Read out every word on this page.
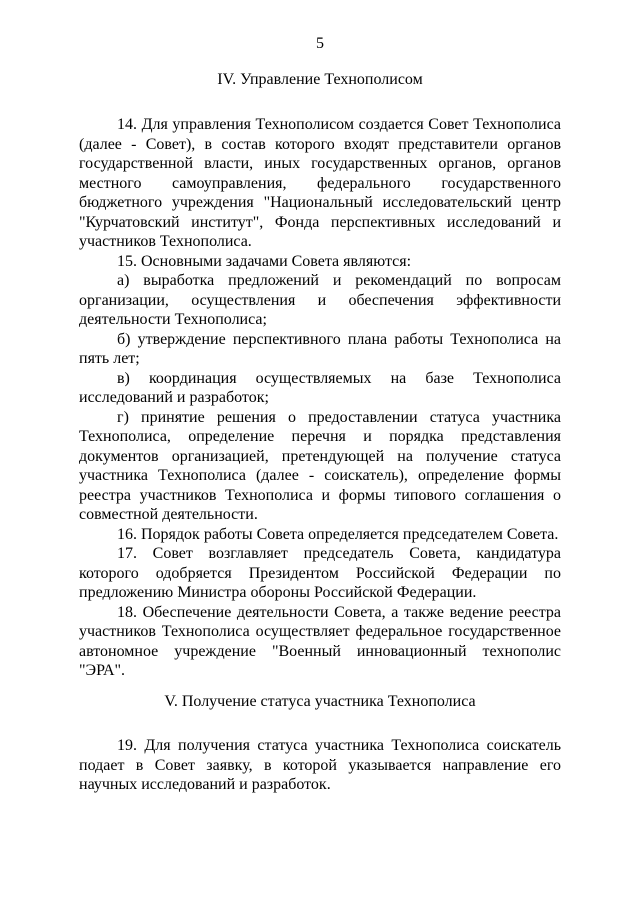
5
IV. Управление Технополисом

14. Для управления Технополисом создается Совет Технополиса (далее - Совет), в состав которого входят представители органов государственной власти, иных государственных органов, органов местного самоуправления, федерального государственного бюджетного учреждения "Национальный исследовательский центр "Курчатовский институт", Фонда перспективных исследований и участников Технополиса.

15. Основными задачами Совета являются:

а) выработка предложений и рекомендаций по вопросам организации, осуществления и обеспечения эффективности деятельности Технополиса;

б) утверждение перспективного плана работы Технополиса на пять лет;

в) координация осуществляемых на базе Технополиса исследований и разработок;

г) принятие решения о предоставлении статуса участника Технополиса, определение перечня и порядка представления документов организацией, претендующей на получение статуса участника Технополиса (далее - соискатель), определение формы реестра участников Технополиса и формы типового соглашения о совместной деятельности.

16. Порядок работы Совета определяется председателем Совета.

17. Совет возглавляет председатель Совета, кандидатура которого одобряется Президентом Российской Федерации по предложению Министра обороны Российской Федерации.

18. Обеспечение деятельности Совета, а также ведение реестра участников Технополиса осуществляет федеральное государственное автономное учреждение "Военный инновационный технополис "ЭРА".

V. Получение статуса участника Технополиса

19. Для получения статуса участника Технополиса соискатель подает в Совет заявку, в которой указывается направление его научных исследований и разработок.
